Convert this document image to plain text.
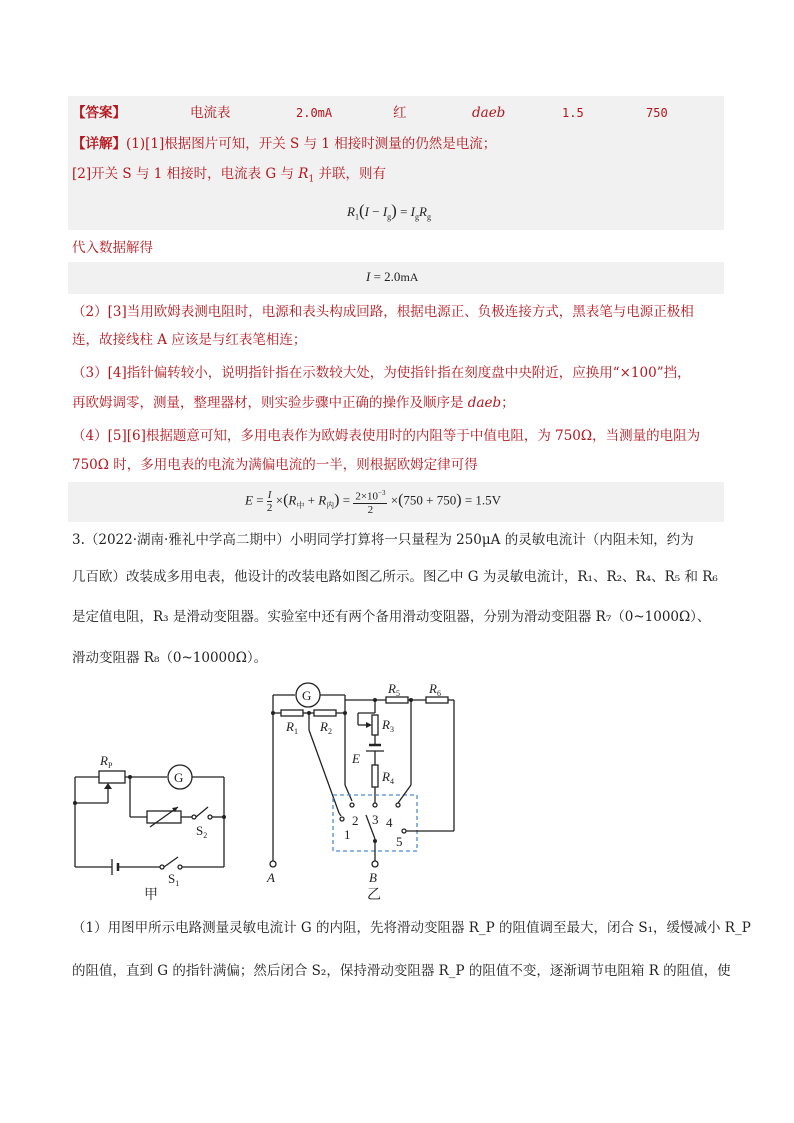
【答案】	电流表	2.0mA	红	daeb	1.5	750
【详解】(1)[1]根据图片可知，开关 S 与 1 相接时测量的仍然是电流；
[2]开关 S 与 1 相接时，电流表 G 与 $R_1$ 并联，则有
$R_1(I - I_g) = I_gR_g$
代入数据解得
I = 2.0mA
（2）[3]当用欧姆表测电阻时，电源和表头构成回路，根据电源正、负极连接方式，黑表笔与电源正极相
连，故接线柱 A 应该是与红表笔相连；
（3）[4]指针偏转较小，说明指针指在示数较大处，为使指针指在刻度盘中央附近，应换用“×100”挡，
再欧姆调零，测量，整理器材，则实验步骤中正确的操作及顺序是 daeb；
（4）[5][6]根据题意可知，多用电表作为欧姆表使用时的内阻等于中值电阻，为 750Ω，当测量的电阻为
750Ω 时，多用电表的电流为满偏电流的一半，则根据欧姆定律可得
$E = \frac{I}{2} \times(R_中 + R_内) = \frac{2\times 10^{-3}}{2} \times(750 + 750) = 1.5V$
3.（2022·湖南·雅礼中学高二期中）小明同学打算将一只量程为 250μA 的灵敏电流计（内阻未知，约为
几百欧）改装成多用电表，他设计的改装电路如图乙所示。图乙中 G 为灵敏电流计，R₁、R₂、R₄、R₅ 和 R₆
是定值电阻，R₃ 是滑动变阻器。实验室中还有两个备用滑动变阻器，分别为滑动变阻器 R₇（0~1000Ω）、
滑动变阻器 R₈（0~10000Ω）。
G
$R_P$
$S_2$
$S_1$
甲
G
$R_1$ $R_2$	$R_3$
$R_4$
$R_5$ $R_6$
E
1
2 3 4
5
A	B
乙
（1）用图甲所示电路测量灵敏电流计 G 的内阻，先将滑动变阻器 R_P 的阻值调至最大，闭合 S₁，缓慢减小 R_P
的阻值，直到 G 的指针满偏；然后闭合 S₂，保持滑动变阻器 R_P 的阻值不变，逐渐调节电阻箱 R 的阻值，使
